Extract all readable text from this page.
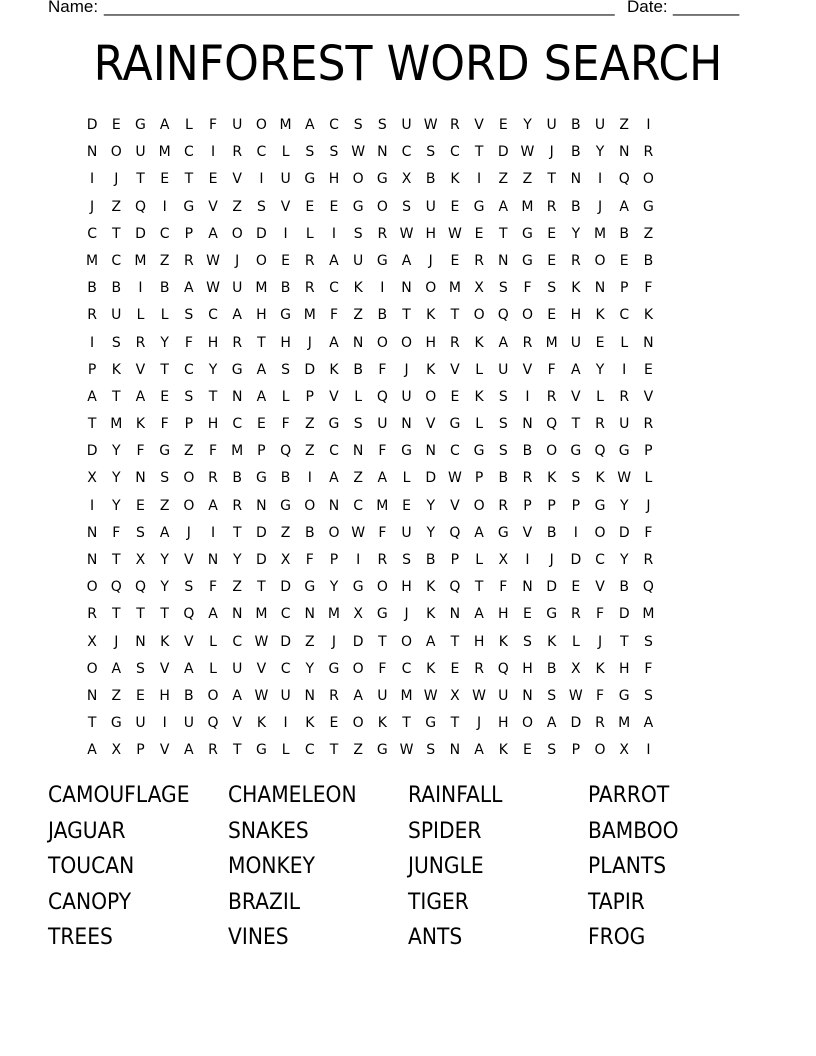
Name: ______________________________________________________ Date: _______
RAINFOREST WORD SEARCH
D	E	G A	L	F	U O M A	C	S	S	U W R	V	E	Y	U	B	U	Z	I
N O U M C	I	R	C	L	S	S W N	C	S	C	T	D W	J	B	Y	N	R
I	J	T	E	T	E	V	I	U G H O G X	B	K	I	Z	Z	T	N	I	Q O
J	Z Q	I	G V	Z	S	V	E	E	G O	S	U	E	G A M R	B	J	A G
C	T	D C	P	A O D	I	L	I	S	R W H W E	T	G	E	Y M B	Z
M C M Z	R W	J	O	E	R	A	U G A	J	E	R	N G	E	R O	E	B
B	B	I	B	A W U M B	R	C	K	I	N O M X	S	F	S	K	N	P	F
R	U	L	L	S	C	A	H G M	F	Z	B	T	K	T	O Q O	E	H	K	C	K
I	S	R	Y	F	H	R	T	H	J	A	N O O H	R	K	A	R M U	E	L	N
P	K	V	T	C	Y	G A	S	D	K	B	F	J	K	V	L	U	V	F	A	Y	I	E
A	T	A	E	S	T	N	A	L	P	V	L	Q U O	E	K	S	I	R	V	L	R	V
T M K	F	P	H	C	E	F	Z G	S	U N	V G	L	S	N Q	T	R	U	R
D	Y	F	G Z	F	M P	Q Z	C	N	F	G N	C G	S	B O G Q G	P
X	Y	N	S	O R	B G B	I	A	Z	A	L	D W P	B	R	K	S	K W L
I	Y	E	Z O A	R	N G O N	C M E	Y	V O R	P	P	P	G	Y	J
N	F	S	A	J	I	T	D	Z	B O W F	U	Y	Q A G V	B	I	O D	F
N	T	X	Y	V	N	Y	D	X	F	P	I	R	S	B	P	L	X	I	J	D C	Y	R
O Q Q	Y	S	F	Z	T	D G	Y	G O H	K	Q	T	F	N D	E	V	B Q
R	T	T	T	Q A	N M C	N M X G	J	K	N	A	H	E	G R	F	D M
X	J	N	K	V	L	C W D	Z	J	D	T	O A	T	H	K	S	K	L	J	T	S
O A	S	V	A	L	U	V	C	Y	G O	F	C	K	E	R Q H	B	X	K	H	F
N	Z	E	H	B O A W U N	R	A	U M W X W U N	S W F	G	S
T	G U	I	U Q V	K	I	K	E	O	K	T	G	T	J	H O A	D R M A
A	X	P	V	A	R	T	G	L	C	T	Z G W S	N	A	K	E	S	P	O X	I
CAMOUFLAGE	CHAMELEON	RAINFALL	PARROT
JAGUAR	SNAKES	SPIDER	BAMBOO
TOUCAN	MONKEY	JUNGLE	PLANTS
CANOPY	BRAZIL	TIGER	TAPIR
TREES	VINES	ANTS	FROG
